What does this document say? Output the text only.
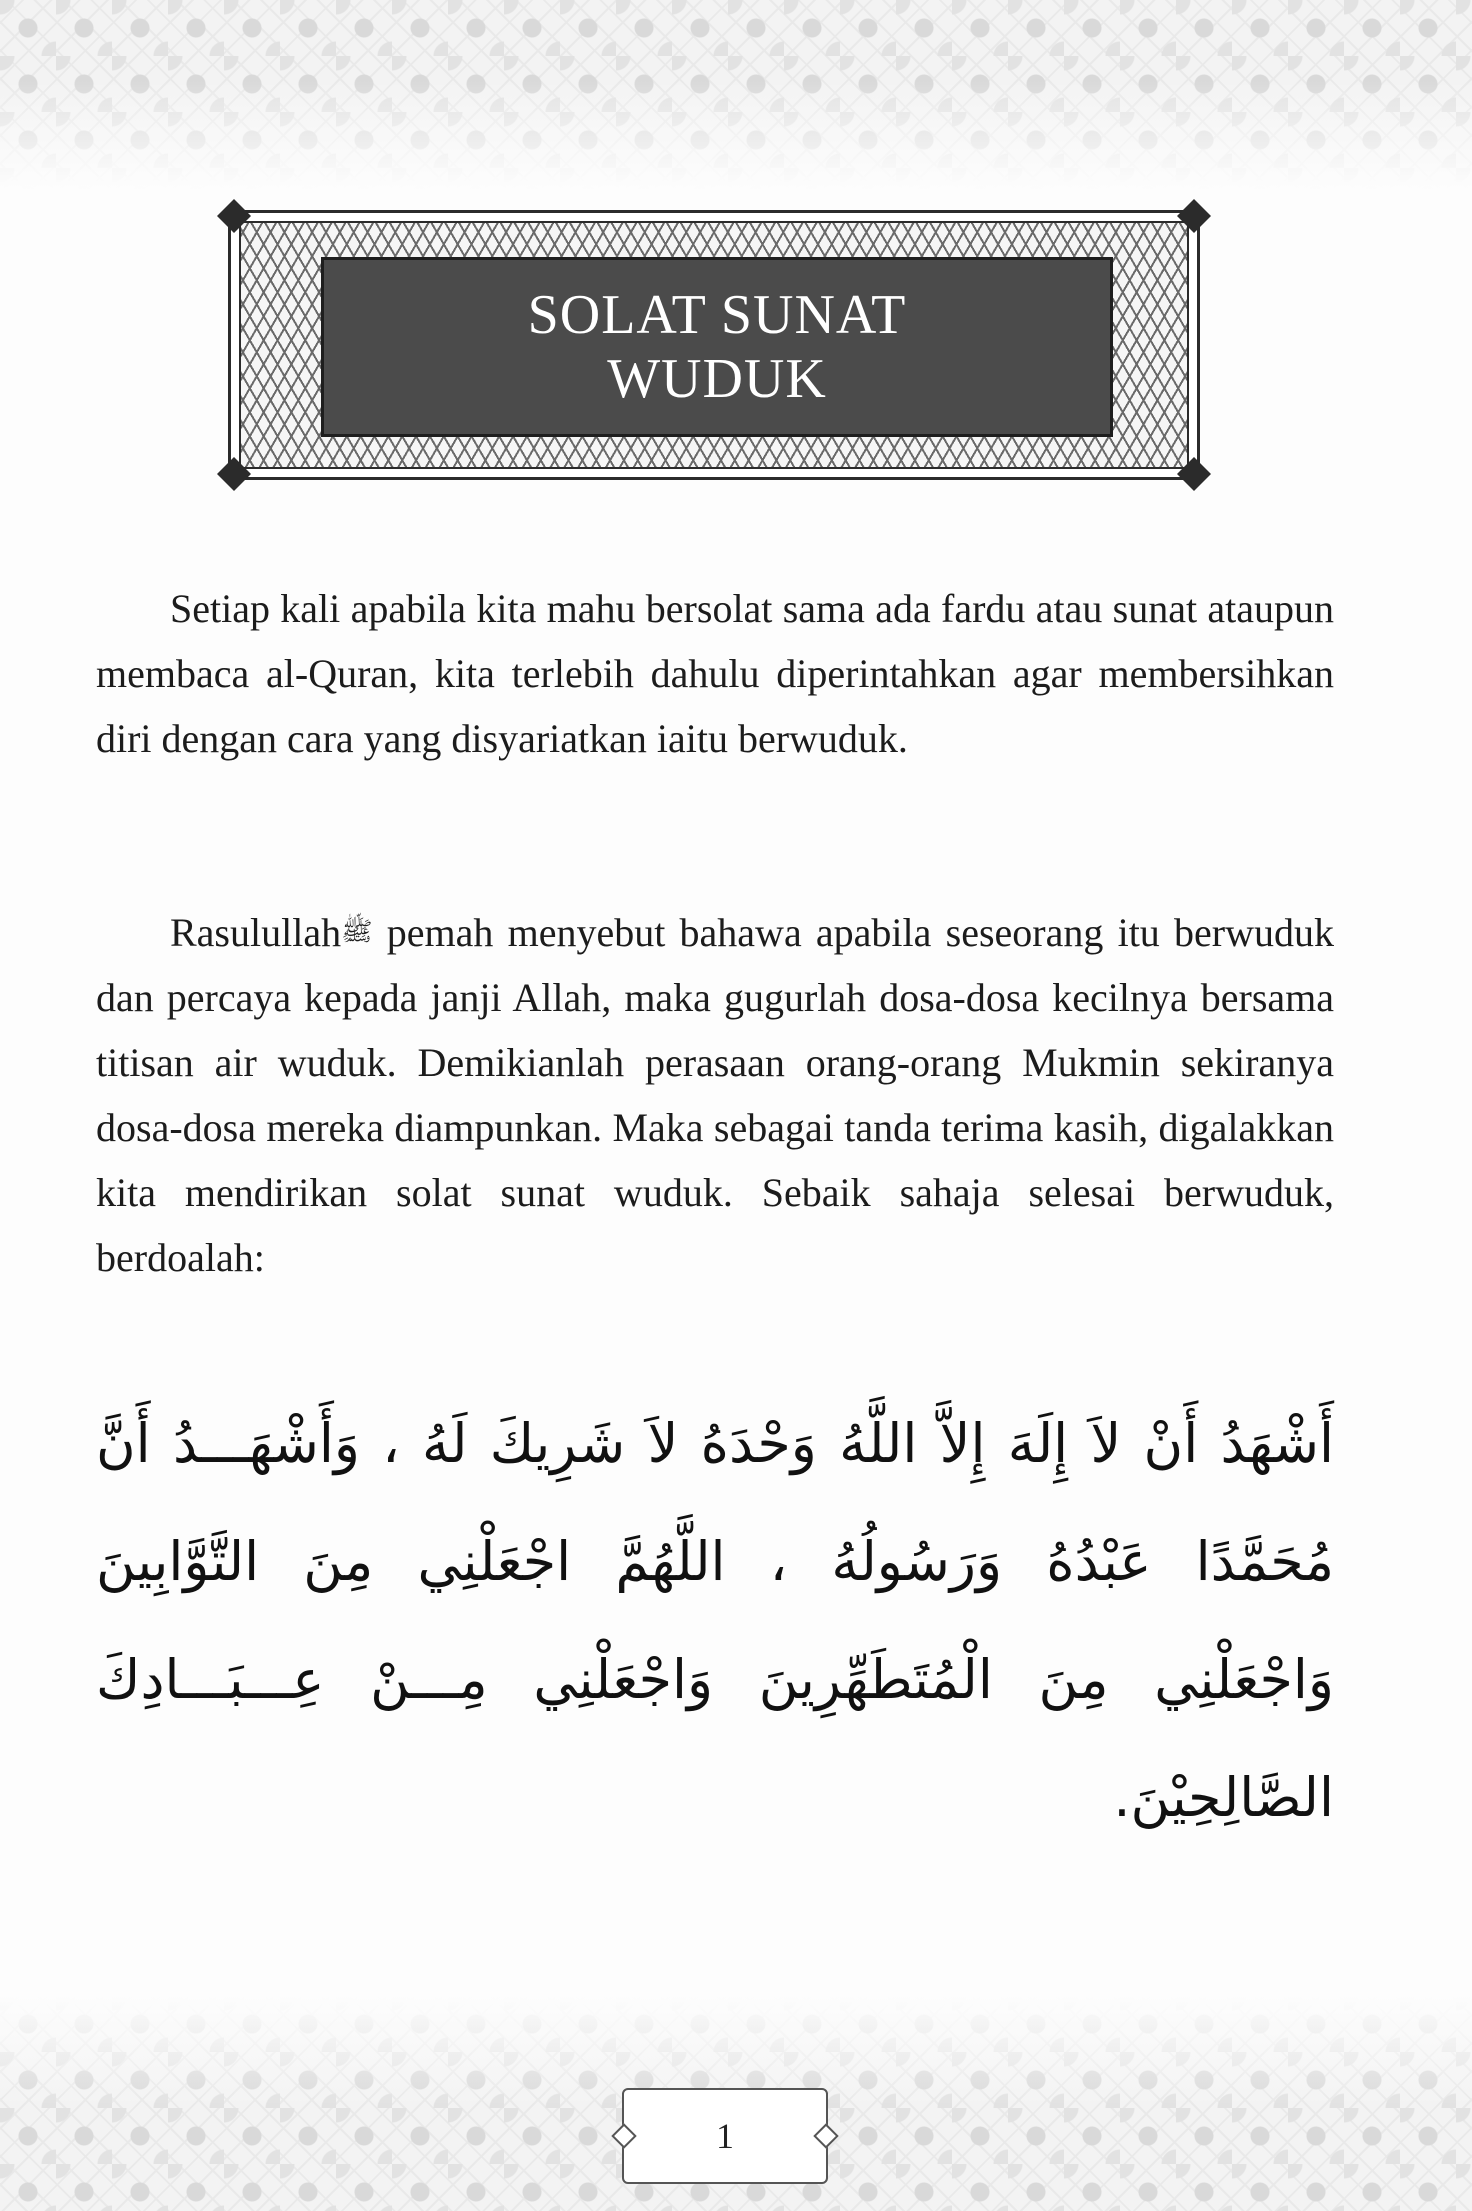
SOLAT SUNAT
WUDUK

Setiap kali apabila kita mahu bersolat sama ada fardu atau sunat ataupun membaca al-Quran, kita terlebih dahulu diperintahkan agar membersihkan diri dengan cara yang disyariatkan iaitu berwuduk.

Rasulullahﷺ pemah menyebut bahawa apabila seseorang itu berwuduk dan percaya kepada janji Allah, maka gugurlah dosa-dosa kecilnya bersama titisan air wuduk. Demikianlah perasaan orang-orang Mukmin sekiranya dosa-dosa mereka diampunkan. Maka sebagai tanda terima kasih, digalakkan kita mendirikan solat sunat wuduk. Sebaik sahaja selesai berwuduk, berdoalah:

أَشْهَدُ أَنْ لاَ إِلَهَ إِلاَّ اللَّهُ وَحْدَهُ لاَ شَرِيكَ لَهُ ، وَأَشْهَـــدُ أَنَّ مُحَمَّدًا عَبْدُهُ وَرَسُولُهُ ، اللَّهُمَّ اجْعَلْنِي مِنَ التَّوَّابِينَ وَاجْعَلْنِي مِنَ الْمُتَطَهِّرِينَ وَاجْعَلْنِي مِـــنْ عِـــبَـــادِكَ الصَّالِحِيْنَ.

1
